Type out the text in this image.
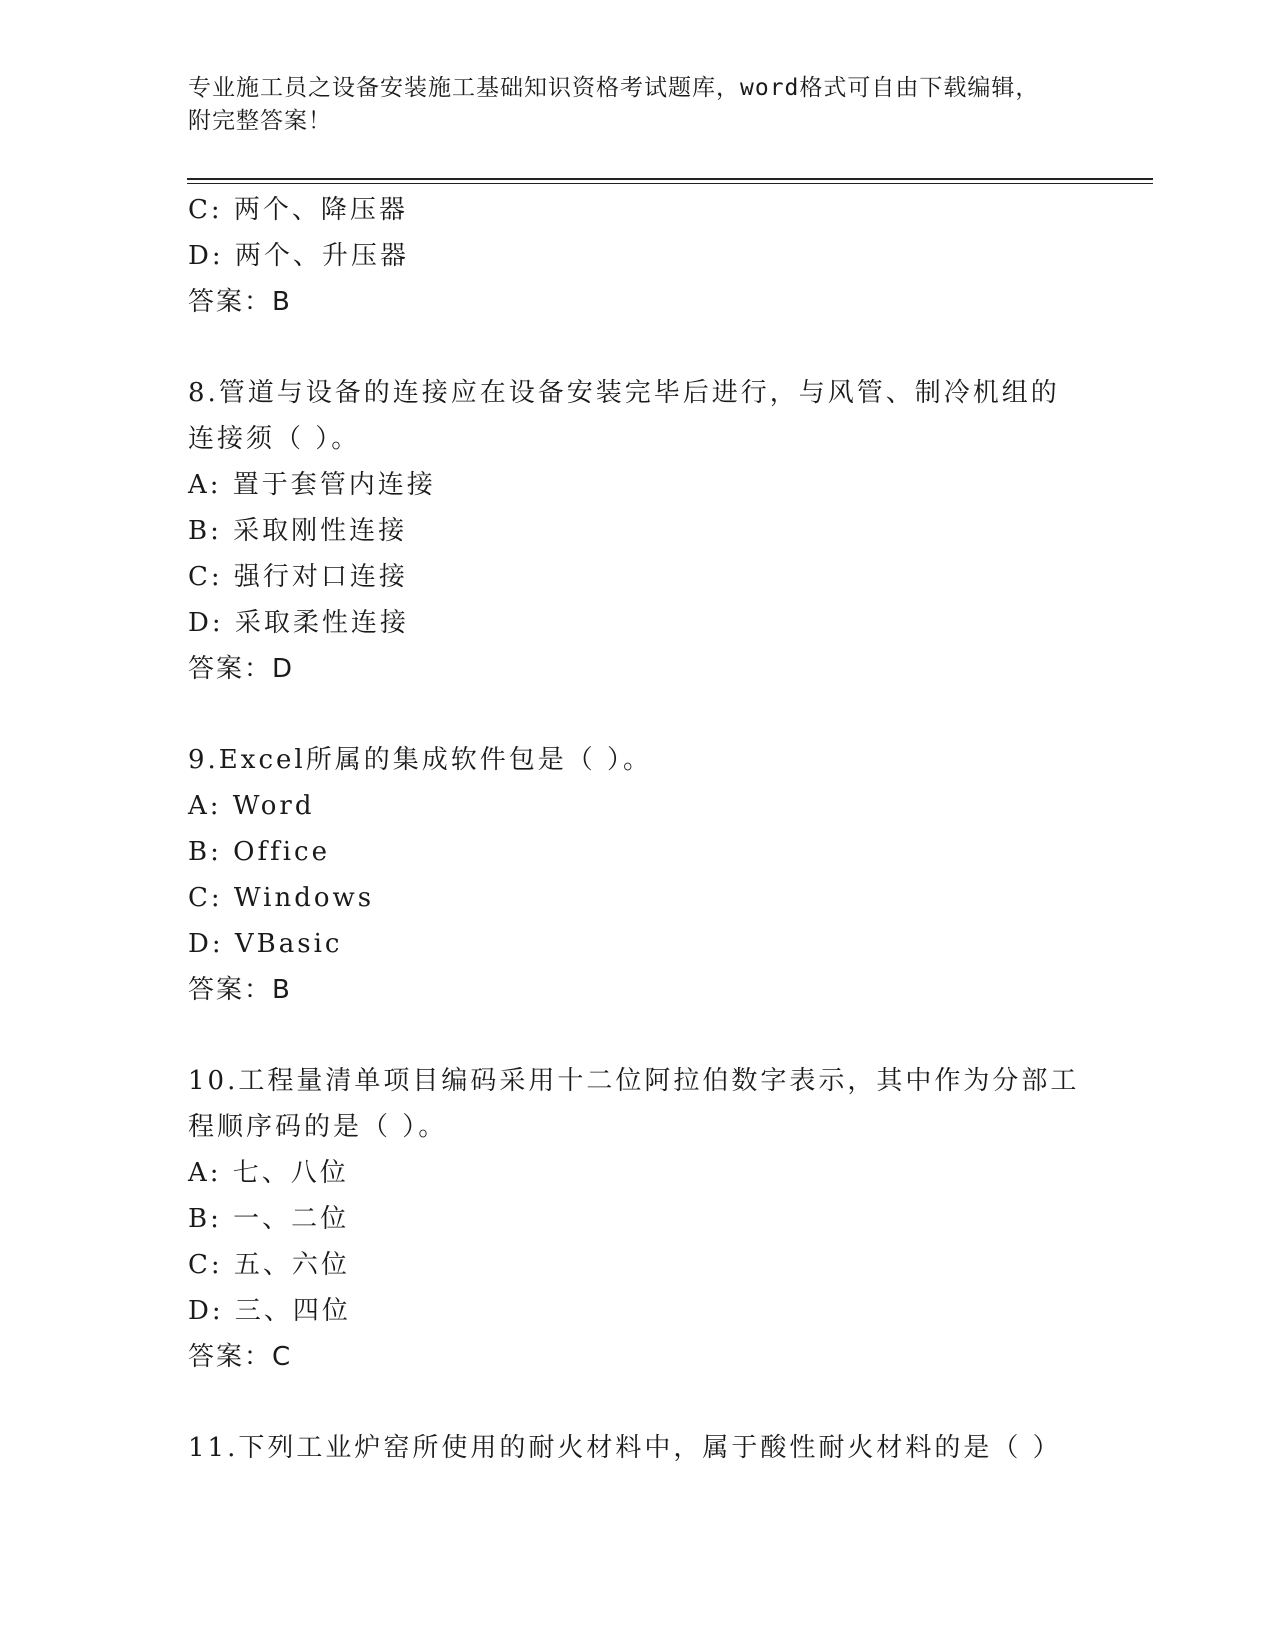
专业施工员之设备安装施工基础知识资格考试题库，word格式可自由下载编辑，
附完整答案！
C: 两个、降压器
D: 两个、升压器
答案：B
8.管道与设备的连接应在设备安装完毕后进行，与风管、制冷机组的
连接须（ ）。
A: 置于套管内连接
B: 采取刚性连接
C: 强行对口连接
D: 采取柔性连接
答案：D
9.Excel所属的集成软件包是（ ）。
A: Word
B: Office
C: Windows
D: VBasic
答案：B
10.工程量清单项目编码采用十二位阿拉伯数字表示，其中作为分部工
程顺序码的是（ ）。
A: 七、八位
B: 一、二位
C: 五、六位
D: 三、四位
答案：C
11.下列工业炉窑所使用的耐火材料中，属于酸性耐火材料的是（ ）
